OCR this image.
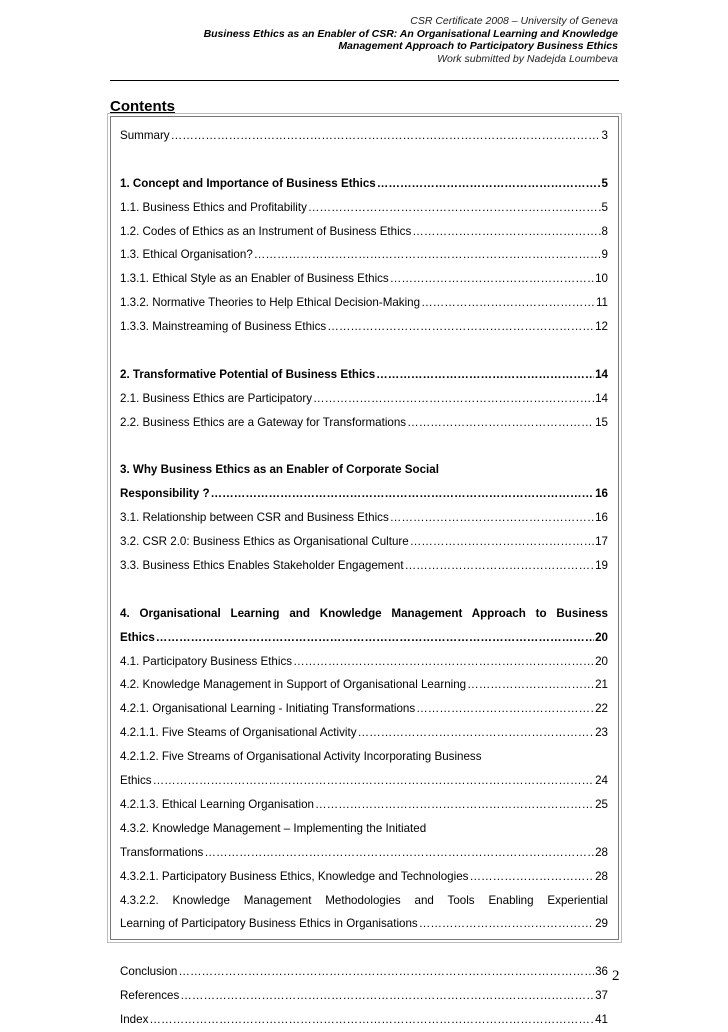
CSR Certificate 2008 – University of Geneva
Business Ethics as an Enabler of CSR: An Organisational Learning and Knowledge
Management Approach to Participatory Business Ethics
Work submitted by Nadejda Loumbeva
Contents
Summary …………………………………………………………………………………………………………………………………………………………………………………………………………	3
1. Concept and Importance of Business Ethics …………………………………………………………………………………………………………………………………………………………………………………………………………	5
1.1. Business Ethics and Profitability …………………………………………………………………………………………………………………………………………………………………………………………………………	5
1.2. Codes of Ethics as an Instrument of Business Ethics …………………………………………………………………………………………………………………………………………………………………………………………………………	8
1.3. Ethical Organisation? …………………………………………………………………………………………………………………………………………………………………………………………………………	9
1.3.1. Ethical Style as an Enabler of Business Ethics …………………………………………………………………………………………………………………………………………………………………………………………………………	10
1.3.2. Normative Theories to Help Ethical Decision-Making …………………………………………………………………………………………………………………………………………………………………………………………………………	11
1.3.3. Mainstreaming of Business Ethics …………………………………………………………………………………………………………………………………………………………………………………………………………	12
2. Transformative Potential of Business Ethics …………………………………………………………………………………………………………………………………………………………………………………………………………	14
2.1. Business Ethics are Participatory …………………………………………………………………………………………………………………………………………………………………………………………………………	14
2.2. Business Ethics are a Gateway for Transformations …………………………………………………………………………………………………………………………………………………………………………………………………………	15
3. Why Business Ethics as an Enabler of Corporate Social
Responsibility ? …………………………………………………………………………………………………………………………………………………………………………………………………………	16
3.1. Relationship between CSR and Business Ethics …………………………………………………………………………………………………………………………………………………………………………………………………………	16
3.2. CSR 2.0: Business Ethics as Organisational Culture …………………………………………………………………………………………………………………………………………………………………………………………………………	17
3.3. Business Ethics Enables Stakeholder Engagement …………………………………………………………………………………………………………………………………………………………………………………………………………	19
4. Organisational Learning and Knowledge Management Approach to Business
Ethics …………………………………………………………………………………………………………………………………………………………………………………………………………	20
4.1. Participatory Business Ethics …………………………………………………………………………………………………………………………………………………………………………………………………………	20
4.2. Knowledge Management in Support of Organisational Learning …………………………………………………………………………………………………………………………………………………………………………………………………………	21
4.2.1. Organisational Learning - Initiating Transformations …………………………………………………………………………………………………………………………………………………………………………………………………………	22
4.2.1.1. Five Steams of Organisational Activity …………………………………………………………………………………………………………………………………………………………………………………………………………	23
4.2.1.2. Five Streams of Organisational Activity Incorporating Business
Ethics …………………………………………………………………………………………………………………………………………………………………………………………………………	24
4.2.1.3. Ethical Learning Organisation …………………………………………………………………………………………………………………………………………………………………………………………………………	25
4.3.2. Knowledge Management – Implementing the Initiated
Transformations …………………………………………………………………………………………………………………………………………………………………………………………………………	28
4.3.2.1. Participatory Business Ethics, Knowledge and Technologies …………………………………………………………………………………………………………………………………………………………………………………………………………	28
4.3.2.2. Knowledge Management Methodologies and Tools Enabling Experiential
Learning of Participatory Business Ethics in Organisations …………………………………………………………………………………………………………………………………………………………………………………………………………	29
Conclusion …………………………………………………………………………………………………………………………………………………………………………………………………………	36
References …………………………………………………………………………………………………………………………………………………………………………………………………………	37
Index …………………………………………………………………………………………………………………………………………………………………………………………………………	41
2
